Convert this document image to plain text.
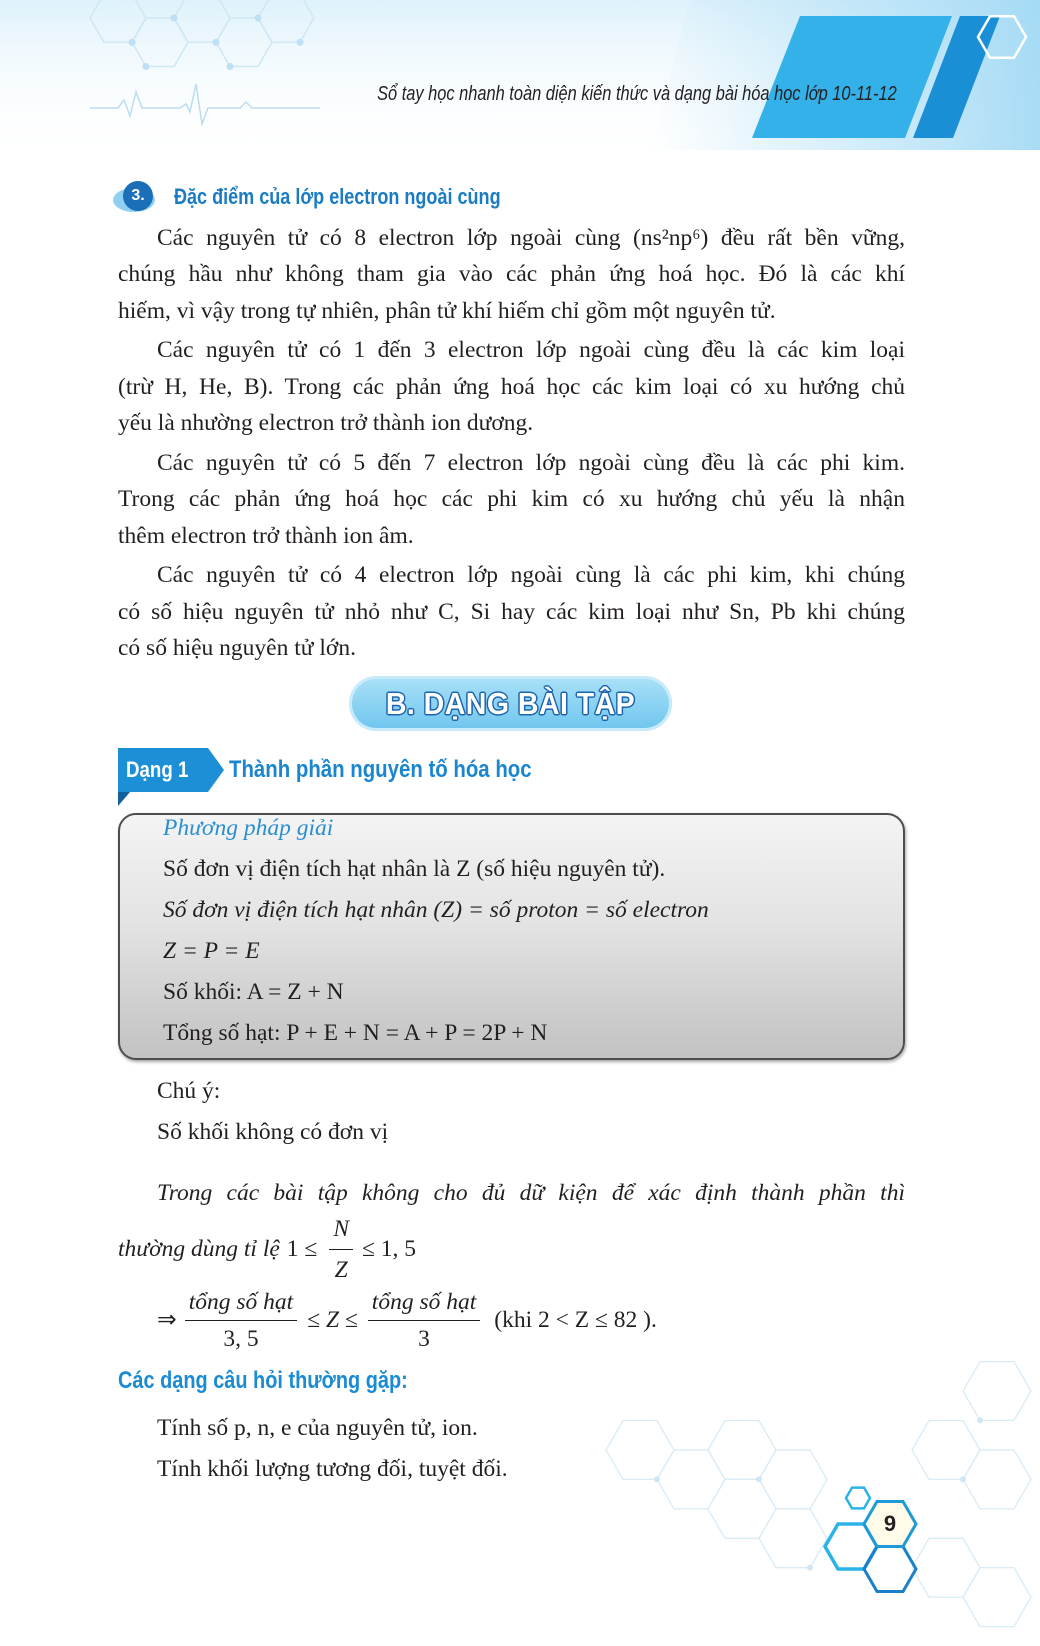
Sổ tay học nhanh toàn diện kiến thức và dạng bài hóa học lớp 10-11-12
3.	Đặc điểm của lớp electron ngoài cùng
Các nguyên tử có 8 electron lớp ngoài cùng (ns²np⁶) đều rất bền vững,
chúng hầu như không tham gia vào các phản ứng hoá học. Đó là các khí
hiếm, vì vậy trong tự nhiên, phân tử khí hiếm chỉ gồm một nguyên tử.
Các nguyên tử có 1 đến 3 electron lớp ngoài cùng đều là các kim loại
(trừ H, He, B). Trong các phản ứng hoá học các kim loại có xu hướng chủ
yếu là nhường electron trở thành ion dương.
Các nguyên tử có 5 đến 7 electron lớp ngoài cùng đều là các phi kim.
Trong các phản ứng hoá học các phi kim có xu hướng chủ yếu là nhận
thêm electron trở thành ion âm.
Các nguyên tử có 4 electron lớp ngoài cùng là các phi kim, khi chúng
có số hiệu nguyên tử nhỏ như C, Si hay các kim loại như Sn, Pb khi chúng
có số hiệu nguyên tử lớn.
B. DẠNG BÀI TẬP
Dạng 1 Thành phần nguyên tố hóa học
Phương pháp giải
Số đơn vị điện tích hạt nhân là Z (số hiệu nguyên tử).
Số đơn vị điện tích hạt nhân (Z) = số proton = số electron
Z = P = E
Số khối: A = Z + N
Tổng số hạt: P + E + N = A + P = 2P + N
Chú ý:
Số khối không có đơn vị
Trong các bài tập không cho đủ dữ kiện để xác định thành phần thì
thường dùng tỉ lệ $1 \le \frac{N}{Z} \le 1$, 5
⇒ $\frac{\text{tổng số hạt}}{3, 5} \le Z \le \frac{\text{tổng số hạt}}{3} (khi$ 2 < Z ≤ 82 ).
Các dạng câu hỏi thường gặp:
Tính số p, n, e của nguyên tử, ion.
Tính khối lượng tương đối, tuyệt đối.
9
